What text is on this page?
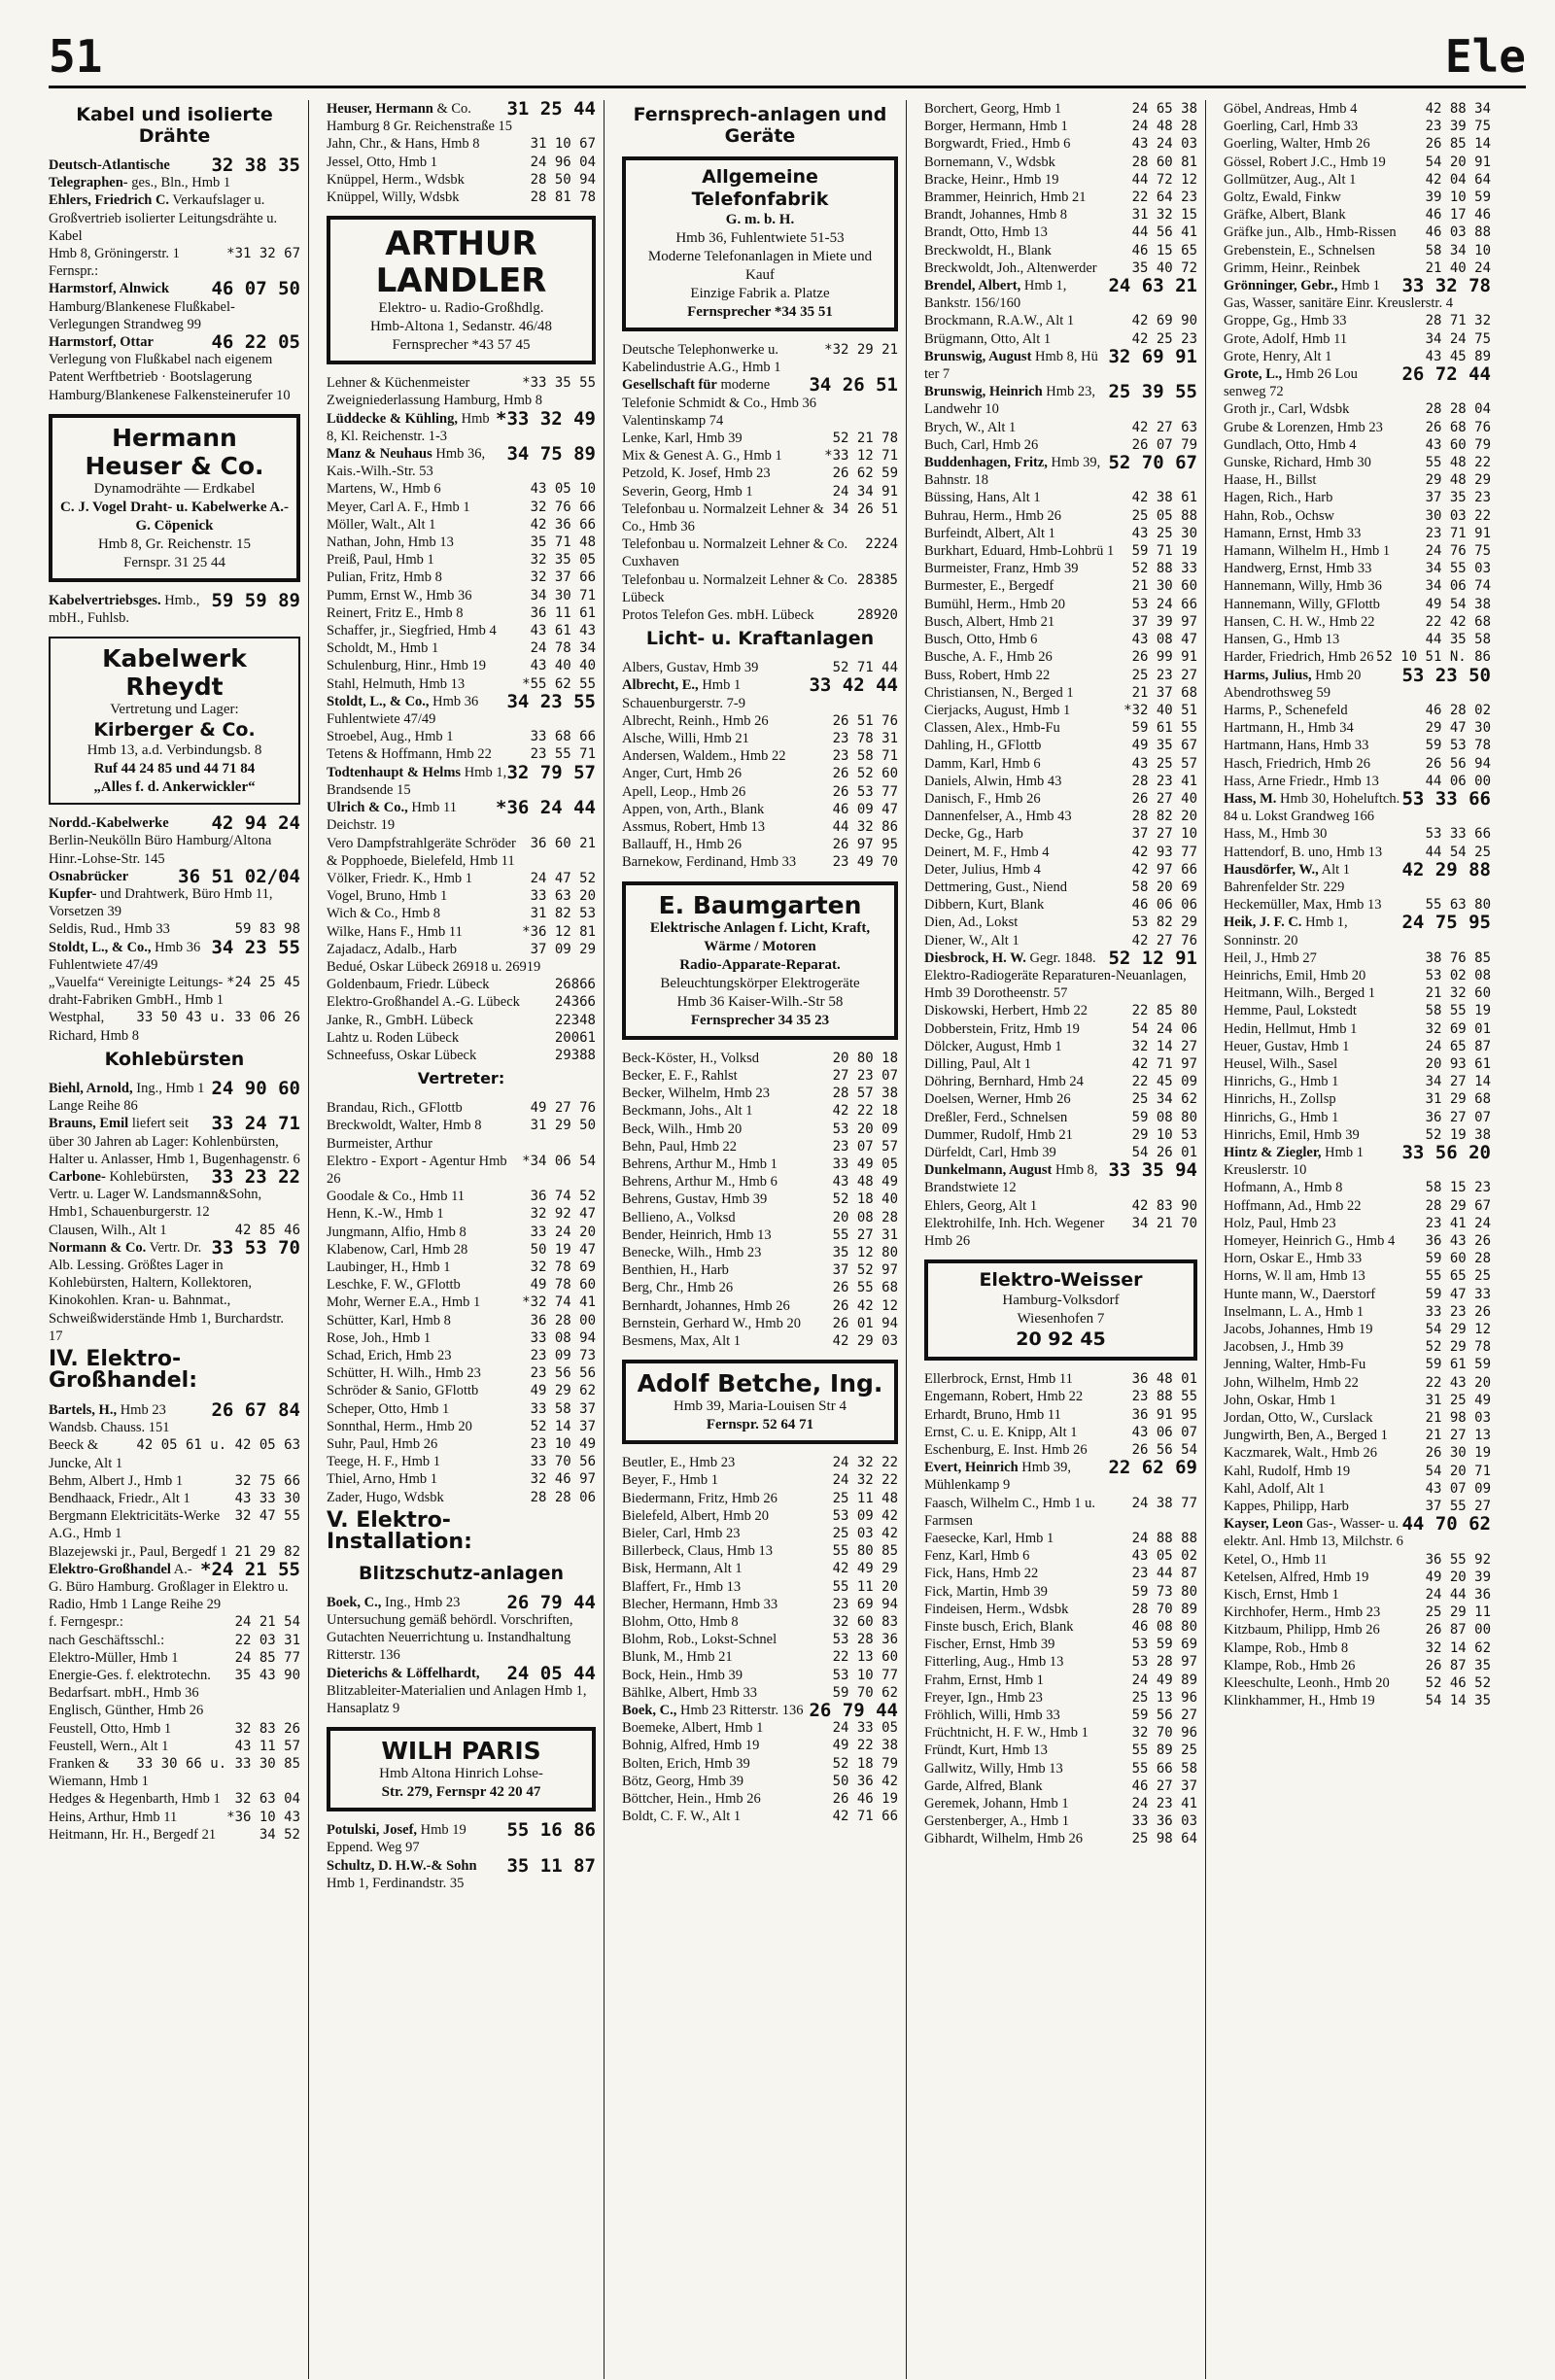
51	Ele
Kabel und isolierte Drähte

32 38 35
Deutsch-Atlantische Telegraphen- ges., Bln., Hmb 1

Ehlers, Friedrich C. Verkaufslager u. Großvertrieb isolierter Leitungsdrähte u. Kabel

*31 32 67
Hmb 8, Gröningerstr. 1 Fernspr.:

46 07 50
Harmstorf, Alnwick Hamburg/Blankenese Flußkabel-Verlegungen Strandweg 99

46 22 05
Harmstorf, Ottar Verlegung von Flußkabel nach eigenem Patent Werftbetrieb · Bootslagerung Hamburg/Blankenese Falkensteinerufer 10

Hermann Heuser & Co.
Dynamodrähte — Erdkabel
C. J. Vogel Draht- u. Kabelwerke A.-G. Cöpenick
Hmb 8, Gr. Reichenstr. 15
Fernspr. 31 25 44

59 59 89
Kabelvertriebsges. Hmb., mbH., Fuhlsb.

Kabelwerk Rheydt
Vertretung und Lager:
Kirberger & Co.
Hmb 13, a.d. Verbindungsb. 8
Ruf 44 24 85 und 44 71 84
„Alles f. d. Ankerwickler“

42 94 24
Nordd.-Kabelwerke Berlin-Neukölln Büro Hamburg/Altona Hinr.-Lohse-Str. 145

36 51 02/04
Osnabrücker Kupfer- und Drahtwerk, Büro Hmb 11, Vorsetzen 39

59 83 98
Seldis, Rud., Hmb 33

34 23 55
Stoldt, L., & Co., Hmb 36 Fuhlentwiete 47/49

*24 25 45
„Vauelfa“ Vereinigte Leitungs- draht-Fabriken GmbH., Hmb 1

33 50 43 u. 33 06 26
Westphal, Richard, Hmb 8

Kohlebürsten

24 90 60
Biehl, Arnold, Ing., Hmb 1 Lange Reihe 86

33 24 71
Brauns, Emil liefert seit über 30 Jahren ab Lager: Kohlenbürsten, Halter u. Anlasser, Hmb 1, Bugenhagenstr. 6

33 23 22
Carbone- Kohlebürsten, Vertr. u. Lager W. Landsmann&Sohn, Hmb1, Schauenburgerstr. 12

42 85 46
Clausen, Wilh., Alt 1

33 53 70
Normann & Co. Vertr. Dr. Alb. Lessing. Größtes Lager in Kohlebürsten, Haltern, Kollektoren, Kinokohlen. Kran- u. Bahnmat., Schweißwiderstände Hmb 1, Burchardstr. 17

IV. Elektro-Großhandel:

26 67 84
Bartels, H., Hmb 23 Wandsb. Chauss. 151

42 05 61 u. 42 05 63
Beeck & Juncke, Alt 1

32 75 66
Behm, Albert J., Hmb 1

43 33 30
Bendhaack, Friedr., Alt 1

32 47 55
Bergmann Elektricitäts-Werke A.G., Hmb 1

21 29 82
Blazejewski jr., Paul, Bergedf 1

*24 21 55
Elektro-Großhandel A.-G. Büro Hamburg. Großlager in Elektro u. Radio, Hmb 1 Lange Reihe 29

24 21 54
f. Ferngespr.:

22 03 31
nach Geschäftsschl.:

24 85 77
Elektro-Müller, Hmb 1

35 43 90
Energie-Ges. f. elektrotechn. Bedarfsart. mbH., Hmb 36

Englisch, Günther, Hmb 26

32 83 26
Feustell, Otto, Hmb 1

43 11 57
Feustell, Wern., Alt 1

33 30 66 u. 33 30 85
Franken & Wiemann, Hmb 1

32 63 04
Hedges & Hegenbarth, Hmb 1

*36 10 43
Heins, Arthur, Hmb 11

34 52
Heitmann, Hr. H., Bergedf 21

31 25 44
Heuser, Hermann & Co. Hamburg 8 Gr. Reichenstraße 15

31 10 67
Jahn, Chr., & Hans, Hmb 8

24 96 04
Jessel, Otto, Hmb 1

28 50 94
Knüppel, Herm., Wdsbk

28 81 78
Knüppel, Willy, Wdsbk

ARTHUR LANDLER
Elektro- u. Radio-Großhdlg.
Hmb-Altona 1, Sedanstr. 46/48
Fernsprecher *43 57 45

*33 35 55
Lehner & Küchenmeister Zweigniederlassung Hamburg, Hmb 8

*33 32 49
Lüddecke & Kühling, Hmb 8, Kl. Reichenstr. 1-3

34 75 89
Manz & Neuhaus Hmb 36, Kais.-Wilh.-Str. 53

43 05 10
Martens, W., Hmb 6

32 76 66
Meyer, Carl A. F., Hmb 1

42 36 66
Möller, Walt., Alt 1

35 71 48
Nathan, John, Hmb 13

32 35 05
Preiß, Paul, Hmb 1

32 37 66
Pulian, Fritz, Hmb 8

34 30 71
Pumm, Ernst W., Hmb 36

36 11 61
Reinert, Fritz E., Hmb 8

43 61 43
Schaffer, jr., Siegfried, Hmb 4

24 78 34
Scholdt, M., Hmb 1

43 40 40
Schulenburg, Hinr., Hmb 19

*55 62 55
Stahl, Helmuth, Hmb 13

34 23 55
Stoldt, L., & Co., Hmb 36 Fuhlentwiete 47/49

33 68 66
Stroebel, Aug., Hmb 1

23 55 71
Tetens & Hoffmann, Hmb 22

32 79 57
Todtenhaupt & Helms Hmb 1, Brandsende 15

*36 24 44
Ulrich & Co., Hmb 11 Deichstr. 19

36 60 21
Vero Dampfstrahlgeräte Schröder & Popphoede, Bielefeld, Hmb 11

24 47 52
Völker, Friedr. K., Hmb 1

33 63 20
Vogel, Bruno, Hmb 1

31 82 53
Wich & Co., Hmb 8

*36 12 81
Wilke, Hans F., Hmb 11

37 09 29
Zajadacz, Adalb., Harb

Bedué, Oskar Lübeck 26918 u. 26919

26866
Goldenbaum, Friedr. Lübeck

24366
Elektro-Großhandel A.-G. Lübeck

22348
Janke, R., GmbH. Lübeck

20061
Lahtz u. Roden Lübeck

29388
Schneefuss, Oskar Lübeck

Vertreter:

49 27 76
Brandau, Rich., GFlottb

31 29 50
Breckwoldt, Walter, Hmb 8

Burmeister, Arthur

*34 06 54
Elektro - Export - Agentur Hmb 26

36 74 52
Goodale & Co., Hmb 11

32 92 47
Henn, K.-W., Hmb 1

33 24 20
Jungmann, Alfio, Hmb 8

50 19 47
Klabenow, Carl, Hmb 28

32 78 69
Laubinger, H., Hmb 1

49 78 60
Leschke, F. W., GFlottb

*32 74 41
Mohr, Werner E.A., Hmb 1

36 28 00
Schütter, Karl, Hmb 8

33 08 94
Rose, Joh., Hmb 1

23 09 73
Schad, Erich, Hmb 23

23 56 56
Schütter, H. Wilh., Hmb 23

49 29 62
Schröder & Sanio, GFlottb

33 58 37
Scheper, Otto, Hmb 1

52 14 37
Sonnthal, Herm., Hmb 20

23 10 49
Suhr, Paul, Hmb 26

33 70 56
Teege, H. F., Hmb 1

32 46 97
Thiel, Arno, Hmb 1

28 28 06
Zader, Hugo, Wdsbk

V. Elektro-Installation:
Blitzschutz-anlagen

26 79 44
Boek, C., Ing., Hmb 23 Untersuchung gemäß behördl. Vorschriften, Gutachten Neuerrichtung u. Instandhaltung Ritterstr. 136

24 05 44
Dieterichs & Löffelhardt, Blitzableiter-Materialien und Anlagen Hmb 1, Hansaplatz 9

WILH PARIS
Hmb Altona Hinrich Lohse-
Str. 279, Fernspr 42 20 47

55 16 86
Potulski, Josef, Hmb 19 Eppend. Weg 97

35 11 87
Schultz, D. H.W.-& Sohn Hmb 1, Ferdinandstr. 35

Fernsprech-anlagen und Geräte
Allgemeine Telefonfabrik
G. m. b. H.
Hmb 36, Fuhlentwiete 51-53
Moderne Telefonanlagen in Miete und Kauf
Einzige Fabrik a. Platze
Fernsprecher *34 35 51

*32 29 21
Deutsche Telephonwerke u. Kabelindustrie A.G., Hmb 1

34 26 51
Gesellschaft für moderne Telefonie Schmidt & Co., Hmb 36 Valentinskamp 74

52 21 78
Lenke, Karl, Hmb 39

*33 12 71
Mix & Genest A. G., Hmb 1

26 62 59
Petzold, K. Josef, Hmb 23

24 34 91
Severin, Georg, Hmb 1

34 26 51
Telefonbau u. Normalzeit Lehner & Co., Hmb 36

2224
Telefonbau u. Normalzeit Lehner & Co. Cuxhaven

28385
Telefonbau u. Normalzeit Lehner & Co. Lübeck

28920
Protos Telefon Ges. mbH. Lübeck

Licht- u. Kraftanlagen

52 71 44
Albers, Gustav, Hmb 39

33 42 44
Albrecht, E., Hmb 1 Schauenburgerstr. 7-9

26 51 76
Albrecht, Reinh., Hmb 26

23 78 31
Alsche, Willi, Hmb 21

23 58 71
Andersen, Waldem., Hmb 22

26 52 60
Anger, Curt, Hmb 26

26 53 77
Apell, Leop., Hmb 26

46 09 47
Appen, von, Arth., Blank

44 32 86
Assmus, Robert, Hmb 13

26 97 95
Ballauff, H., Hmb 26

23 49 70
Barnekow, Ferdinand, Hmb 33

E. Baumgarten
Elektrische Anlagen f. Licht, Kraft, Wärme / Motoren
Radio-Apparate-Reparat.
Beleuchtungskörper Elektrogeräte
Hmb 36 Kaiser-Wilh.-Str 58
Fernsprecher 34 35 23

20 80 18
Beck-Köster, H., Volksd

27 23 07
Becker, E. F., Rahlst

28 57 38
Becker, Wilhelm, Hmb 23

42 22 18
Beckmann, Johs., Alt 1

53 20 09
Beck, Wilh., Hmb 20

23 07 57
Behn, Paul, Hmb 22

33 49 05
Behrens, Arthur M., Hmb 1

43 48 49
Behrens, Arthur M., Hmb 6

52 18 40
Behrens, Gustav, Hmb 39

20 08 28
Bellieno, A., Volksd

55 27 31
Bender, Heinrich, Hmb 13

35 12 80
Benecke, Wilh., Hmb 23

37 52 97
Benthien, H., Harb

26 55 68
Berg, Chr., Hmb 26

26 42 12
Bernhardt, Johannes, Hmb 26

26 01 94
Bernstein, Gerhard W., Hmb 20

42 29 03
Besmens, Max, Alt 1

Adolf Betche, Ing.
Hmb 39, Maria-Louisen Str 4
Fernspr. 52 64 71

24 32 22
Beutler, E., Hmb 23

24 32 22
Beyer, F., Hmb 1

25 11 48
Biedermann, Fritz, Hmb 26

53 09 42
Bielefeld, Albert, Hmb 20

25 03 42
Bieler, Carl, Hmb 23

55 80 85
Billerbeck, Claus, Hmb 13

42 49 29
Bisk, Hermann, Alt 1

55 11 20
Blaffert, Fr., Hmb 13

23 69 94
Blecher, Hermann, Hmb 33

32 60 83
Blohm, Otto, Hmb 8

53 28 36
Blohm, Rob., Lokst-Schnel

22 13 60
Blunk, M., Hmb 21

53 10 77
Bock, Hein., Hmb 39

59 70 62
Bählke, Albert, Hmb 33

26 79 44
Boek, C., Hmb 23 Ritterstr. 136

24 33 05
Boemeke, Albert, Hmb 1

49 22 38
Bohnig, Alfred, Hmb 19

52 18 79
Bolten, Erich, Hmb 39

50 36 42
Bötz, Georg, Hmb 39

26 46 19
Böttcher, Hein., Hmb 26

42 71 66
Boldt, C. F. W., Alt 1

24 65 38
Borchert, Georg, Hmb 1

24 48 28
Borger, Hermann, Hmb 1

43 24 03
Borgwardt, Fried., Hmb 6

28 60 81
Bornemann, V., Wdsbk

44 72 12
Bracke, Heinr., Hmb 19

22 64 23
Brammer, Heinrich, Hmb 21

31 32 15
Brandt, Johannes, Hmb 8

44 56 41
Brandt, Otto, Hmb 13

46 15 65
Breckwoldt, H., Blank

35 40 72
Breckwoldt, Joh., Altenwerder

24 63 21
Brendel, Albert, Hmb 1, Bankstr. 156/160

42 69 90
Brockmann, R.A.W., Alt 1

42 25 23
Brügmann, Otto, Alt 1

32 69 91
Brunswig, August Hmb 8, Hü ter 7

25 39 55
Brunswig, Heinrich Hmb 23, Landwehr 10

42 27 63
Brych, W., Alt 1

26 07 79
Buch, Carl, Hmb 26

52 70 67
Buddenhagen, Fritz, Hmb 39, Bahnstr. 18

42 38 61
Büssing, Hans, Alt 1

25 05 88
Buhrau, Herm., Hmb 26

43 25 30
Burfeindt, Albert, Alt 1

59 71 19
Burkhart, Eduard, Hmb-Lohbrü 1

52 88 33
Burmeister, Franz, Hmb 39

21 30 60
Burmester, E., Bergedf

53 24 66
Bumühl, Herm., Hmb 20

37 39 97
Busch, Albert, Hmb 21

43 08 47
Busch, Otto, Hmb 6

26 99 91
Busche, A. F., Hmb 26

25 23 27
Buss, Robert, Hmb 22

21 37 68
Christiansen, N., Berged 1

*32 40 51
Cierjacks, August, Hmb 1

59 61 55
Classen, Alex., Hmb-Fu

49 35 67
Dahling, H., GFlottb

43 25 57
Damm, Karl, Hmb 6

28 23 41
Daniels, Alwin, Hmb 43

26 27 40
Danisch, F., Hmb 26

28 82 20
Dannenfelser, A., Hmb 43

37 27 10
Decke, Gg., Harb

42 93 77
Deinert, M. F., Hmb 4

42 97 66
Deter, Julius, Hmb 4

58 20 69
Dettmering, Gust., Niend

46 06 06
Dibbern, Kurt, Blank

53 82 29
Dien, Ad., Lokst

42 27 76
Diener, W., Alt 1

52 12 91
Diesbrock, H. W. Gegr. 1848. Elektro-Radiogeräte Reparaturen-Neuanlagen, Hmb 39 Dorotheenstr. 57

22 85 80
Diskowski, Herbert, Hmb 22

54 24 06
Dobberstein, Fritz, Hmb 19

32 14 27
Dölcker, August, Hmb 1

42 71 97
Dilling, Paul, Alt 1

22 45 09
Döhring, Bernhard, Hmb 24

25 34 62
Doelsen, Werner, Hmb 26

59 08 80
Dreßler, Ferd., Schnelsen

29 10 53
Dummer, Rudolf, Hmb 21

54 26 01
Dürfeldt, Carl, Hmb 39

33 35 94
Dunkelmann, August Hmb 8, Brandstwiete 12

42 83 90
Ehlers, Georg, Alt 1

34 21 70
Elektrohilfe, Inh. Hch. Wegener Hmb 26

Elektro-Weisser
Hamburg-Volksdorf
Wiesenhofen 7
20 92 45

36 48 01
Ellerbrock, Ernst, Hmb 11

23 88 55
Engemann, Robert, Hmb 22

36 91 95
Erhardt, Bruno, Hmb 11

43 06 07
Ernst, C. u. E. Knipp, Alt 1

26 56 54
Eschenburg, E. Inst. Hmb 26

22 62 69
Evert, Heinrich Hmb 39, Mühlenkamp 9

24 38 77
Faasch, Wilhelm C., Hmb 1 u. Farmsen

24 88 88
Faesecke, Karl, Hmb 1

43 05 02
Fenz, Karl, Hmb 6

23 44 87
Fick, Hans, Hmb 22

59 73 80
Fick, Martin, Hmb 39

28 70 89
Findeisen, Herm., Wdsbk

46 08 80
Finste busch, Erich, Blank

53 59 69
Fischer, Ernst, Hmb 39

53 28 97
Fitterling, Aug., Hmb 13

24 49 89
Frahm, Ernst, Hmb 1

25 13 96
Freyer, Ign., Hmb 23

59 56 27
Fröhlich, Willi, Hmb 33

32 70 96
Früchtnicht, H. F. W., Hmb 1

55 89 25
Fründt, Kurt, Hmb 13

55 66 58
Gallwitz, Willy, Hmb 13

46 27 37
Garde, Alfred, Blank

24 23 41
Geremek, Johann, Hmb 1

33 36 03
Gerstenberger, A., Hmb 1

25 98 64
Gibhardt, Wilhelm, Hmb 26

42 88 34
Göbel, Andreas, Hmb 4

23 39 75
Goerling, Carl, Hmb 33

26 85 14
Goerling, Walter, Hmb 26

54 20 91
Gössel, Robert J.C., Hmb 19

42 04 64
Gollmützer, Aug., Alt 1

39 10 59
Goltz, Ewald, Finkw

46 17 46
Gräfke, Albert, Blank

46 03 88
Gräfke jun., Alb., Hmb-Rissen

58 34 10
Grebenstein, E., Schnelsen

21 40 24
Grimm, Heinr., Reinbek

33 32 78
Grönninger, Gebr., Hmb 1 Gas, Wasser, sanitäre Einr. Kreuslerstr. 4

28 71 32
Groppe, Gg., Hmb 33

34 24 75
Grote, Adolf, Hmb 11

43 45 89
Grote, Henry, Alt 1

26 72 44
Grote, L., Hmb 26 Lou senweg 72

28 28 04
Groth jr., Carl, Wdsbk

26 68 76
Grube & Lorenzen, Hmb 23

43 60 79
Gundlach, Otto, Hmb 4

55 48 22
Gunske, Richard, Hmb 30

29 48 29
Haase, H., Billst

37 35 23
Hagen, Rich., Harb

30 03 22
Hahn, Rob., Ochsw

23 71 91
Hamann, Ernst, Hmb 33

24 76 75
Hamann, Wilhelm H., Hmb 1

34 55 03
Handwerg, Ernst, Hmb 33

34 06 74
Hannemann, Willy, Hmb 36

49 54 38
Hannemann, Willy, GFlottb

22 42 68
Hansen, C. H. W., Hmb 22

44 35 58
Hansen, G., Hmb 13

52 10 51 N. 86
Harder, Friedrich, Hmb 26

53 23 50
Harms, Julius, Hmb 20 Abendrothsweg 59

46 28 02
Harms, P., Schenefeld

29 47 30
Hartmann, H., Hmb 34

59 53 78
Hartmann, Hans, Hmb 33

26 56 94
Hasch, Friedrich, Hmb 26

44 06 00
Hass, Arne Friedr., Hmb 13

53 33 66
Hass, M. Hmb 30, Hoheluftch. 84 u. Lokst Grandweg 166

53 33 66
Hass, M., Hmb 30

44 54 25
Hattendorf, B. uno, Hmb 13

42 29 88
Hausdörfer, W., Alt 1 Bahrenfelder Str. 229

55 63 80
Heckemüller, Max, Hmb 13

24 75 95
Heik, J. F. C. Hmb 1, Sonninstr. 20

38 76 85
Heil, J., Hmb 27

53 02 08
Heinrichs, Emil, Hmb 20

21 32 60
Heitmann, Wilh., Berged 1

58 55 19
Hemme, Paul, Lokstedt

32 69 01
Hedin, Hellmut, Hmb 1

24 65 87
Heuer, Gustav, Hmb 1

20 93 61
Heusel, Wilh., Sasel

34 27 14
Hinrichs, G., Hmb 1

31 29 68
Hinrichs, H., Zollsp

36 27 07
Hinrichs, G., Hmb 1

52 19 38
Hinrichs, Emil, Hmb 39

33 56 20
Hintz & Ziegler, Hmb 1 Kreuslerstr. 10

58 15 23
Hofmann, A., Hmb 8

28 29 67
Hoffmann, Ad., Hmb 22

23 41 24
Holz, Paul, Hmb 23

36 43 26
Homeyer, Heinrich G., Hmb 4

59 60 28
Horn, Oskar E., Hmb 33

55 65 25
Horns, W. ll am, Hmb 13

59 47 33
Hunte mann, W., Daerstorf

33 23 26
Inselmann, L. A., Hmb 1

54 29 12
Jacobs, Johannes, Hmb 19

52 29 78
Jacobsen, J., Hmb 39

59 61 59
Jenning, Walter, Hmb-Fu

22 43 20
John, Wilhelm, Hmb 22

31 25 49
John, Oskar, Hmb 1

21 98 03
Jordan, Otto, W., Curslack

21 27 13
Jungwirth, Ben, A., Berged 1

26 30 19
Kaczmarek, Walt., Hmb 26

54 20 71
Kahl, Rudolf, Hmb 19

43 07 09
Kahl, Adolf, Alt 1

37 55 27
Kappes, Philipp, Harb

44 70 62
Kayser, Leon Gas-, Wasser- u. elektr. Anl. Hmb 13, Milchstr. 6

36 55 92
Ketel, O., Hmb 11

49 20 39
Ketelsen, Alfred, Hmb 19

24 44 36
Kisch, Ernst, Hmb 1

25 29 11
Kirchhofer, Herm., Hmb 23

26 87 00
Kitzbaum, Philipp, Hmb 26

32 14 62
Klampe, Rob., Hmb 8

26 87 35
Klampe, Rob., Hmb 26

52 46 52
Kleeschulte, Leonh., Hmb 20

54 14 35
Klinkhammer, H., Hmb 19
